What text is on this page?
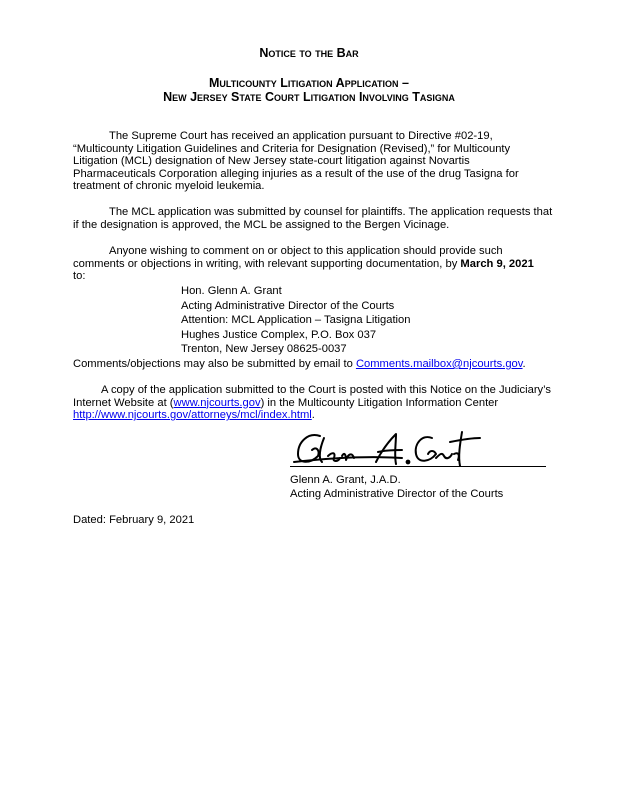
Notice to the Bar
Multicounty Litigation Application –
New Jersey State Court Litigation Involving Tasigna

The Supreme Court has received an application pursuant to Directive #02-19, “Multicounty Litigation Guidelines and Criteria for Designation (Revised),” for Multicounty Litigation (MCL) designation of New Jersey state-court litigation against Novartis Pharmaceuticals Corporation alleging injuries as a result of the use of the drug Tasigna for treatment of chronic myeloid leukemia.

The MCL application was submitted by counsel for plaintiffs. The application requests that if the designation is approved, the MCL be assigned to the Bergen Vicinage.

Anyone wishing to comment on or object to this application should provide such comments or objections in writing, with relevant supporting documentation, by March 9, 2021
to:

Hon. Glenn A. Grant
Acting Administrative Director of the Courts
Attention: MCL Application – Tasigna Litigation
Hughes Justice Complex, P.O. Box 037
Trenton, New Jersey 08625-0037

Comments/objections may also be submitted by email to Comments.mailbox@njcourts.gov.

A copy of the application submitted to the Court is posted with this Notice on the Judiciary’s Internet Website at (www.njcourts.gov) in the Multicounty Litigation Information Center http://www.njcourts.gov/attorneys/mcl/index.html.

Glenn A. Grant, J.A.D.
Acting Administrative Director of the Courts
Dated: February 9, 2021
